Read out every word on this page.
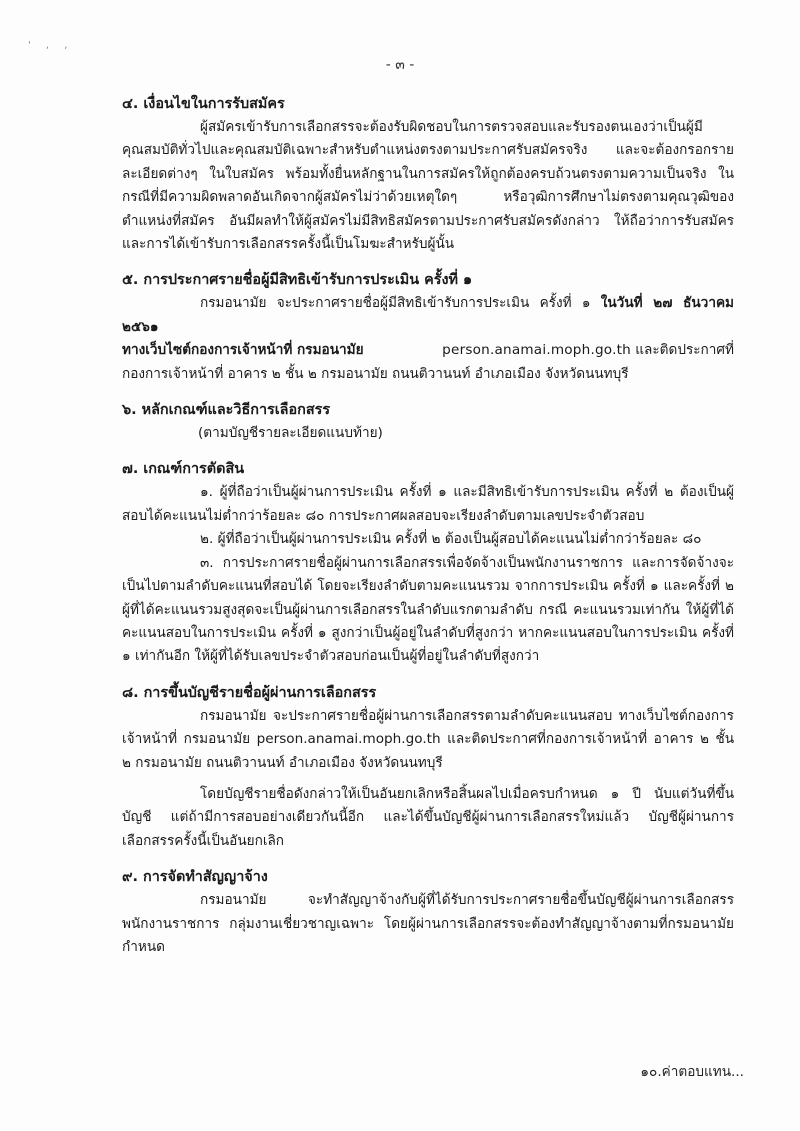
' , ,
- ๓ -

๔. เงื่อนไขในการรับสมัคร

ผู้สมัครเข้ารับการเลือกสรรจะต้องรับผิดชอบในการตรวจสอบและรับรองตนเองว่าเป็นผู้มีคุณสมบัติทั่วไปและคุณสมบัติเฉพาะสำหรับตำแหน่งตรงตามประกาศรับสมัครจริง และจะต้องกรอกรายละเอียดต่างๆ ในใบสมัคร พร้อมทั้งยื่นหลักฐานในการสมัครให้ถูกต้องครบถ้วนตรงตามความเป็นจริง ในกรณีที่มีความผิดพลาดอันเกิดจากผู้สมัครไม่ว่าด้วยเหตุใดๆ หรือวุฒิการศึกษาไม่ตรงตามคุณวุฒิของตำแหน่งที่สมัคร อันมีผลทำให้ผู้สมัครไม่มีสิทธิสมัครตามประกาศรับสมัครดังกล่าว ให้ถือว่าการรับสมัครและการได้เข้ารับการเลือกสรรครั้งนี้เป็นโมฆะสำหรับผู้นั้น

๕. การประกาศรายชื่อผู้มีสิทธิเข้ารับการประเมิน ครั้งที่ ๑

กรมอนามัย จะประกาศรายชื่อผู้มีสิทธิเข้ารับการประเมิน ครั้งที่ ๑ ในวันที่ ๒๗ ธันวาคม ๒๕๖๑

ทางเว็บไซต์กองการเจ้าหน้าที่ กรมอนามัย	person.anamai.moph.go.th และติดประกาศที่

กองการเจ้าหน้าที่ อาคาร ๒ ชั้น ๒ กรมอนามัย ถนนติวานนท์ อำเภอเมือง จังหวัดนนทบุรี

๖. หลักเกณฑ์และวิธีการเลือกสรร

(ตามบัญชีรายละเอียดแนบท้าย)

๗. เกณฑ์การตัดสิน

๑. ผู้ที่ถือว่าเป็นผู้ผ่านการประเมิน ครั้งที่ ๑ และมีสิทธิเข้ารับการประเมิน ครั้งที่ ๒ ต้องเป็นผู้สอบได้คะแนนไม่ต่ำกว่าร้อยละ ๘๐ การประกาศผลสอบจะเรียงลำดับตามเลขประจำตัวสอบ

๒. ผู้ที่ถือว่าเป็นผู้ผ่านการประเมิน ครั้งที่ ๒ ต้องเป็นผู้สอบได้คะแนนไม่ต่ำกว่าร้อยละ ๘๐

๓. การประกาศรายชื่อผู้ผ่านการเลือกสรรเพื่อจัดจ้างเป็นพนักงานราชการ และการจัดจ้างจะเป็นไปตามลำดับคะแนนที่สอบได้ โดยจะเรียงลำดับตามคะแนนรวม จากการประเมิน ครั้งที่ ๑ และครั้งที่ ๒ ผู้ที่ได้คะแนนรวมสูงสุดจะเป็นผู้ผ่านการเลือกสรรในลำดับแรกตามลำดับ กรณี คะแนนรวมเท่ากัน ให้ผู้ที่ได้คะแนนสอบในการประเมิน ครั้งที่ ๑ สูงกว่าเป็นผู้อยู่ในลำดับที่สูงกว่า หากคะแนนสอบในการประเมิน ครั้งที่ ๑ เท่ากันอีก ให้ผู้ที่ได้รับเลขประจำตัวสอบก่อนเป็นผู้ที่อยู่ในลำดับที่สูงกว่า

๘. การขึ้นบัญชีรายชื่อผู้ผ่านการเลือกสรร

กรมอนามัย จะประกาศรายชื่อผู้ผ่านการเลือกสรรตามลำดับคะแนนสอบ ทางเว็บไซต์กองการเจ้าหน้าที่ กรมอนามัย person.anamai.moph.go.th และติดประกาศที่กองการเจ้าหน้าที่ อาคาร ๒ ชั้น ๒ กรมอนามัย ถนนติวานนท์ อำเภอเมือง จังหวัดนนทบุรี

โดยบัญชีรายชื่อดังกล่าวให้เป็นอันยกเลิกหรือสิ้นผลไปเมื่อครบกำหนด ๑ ปี นับแต่วันที่ขึ้นบัญชี แต่ถ้ามีการสอบอย่างเดียวกันนี้อีก และได้ขึ้นบัญชีผู้ผ่านการเลือกสรรใหม่แล้ว บัญชีผู้ผ่านการเลือกสรรครั้งนี้เป็นอันยกเลิก

๙. การจัดทำสัญญาจ้าง

กรมอนามัย จะทำสัญญาจ้างกับผู้ที่ได้รับการประกาศรายชื่อขึ้นบัญชีผู้ผ่านการเลือกสรร พนักงานราชการ กลุ่มงานเชี่ยวชาญเฉพาะ โดยผู้ผ่านการเลือกสรรจะต้องทำสัญญาจ้างตามที่กรมอนามัยกำหนด

๑๐.ค่าตอบแทน...
